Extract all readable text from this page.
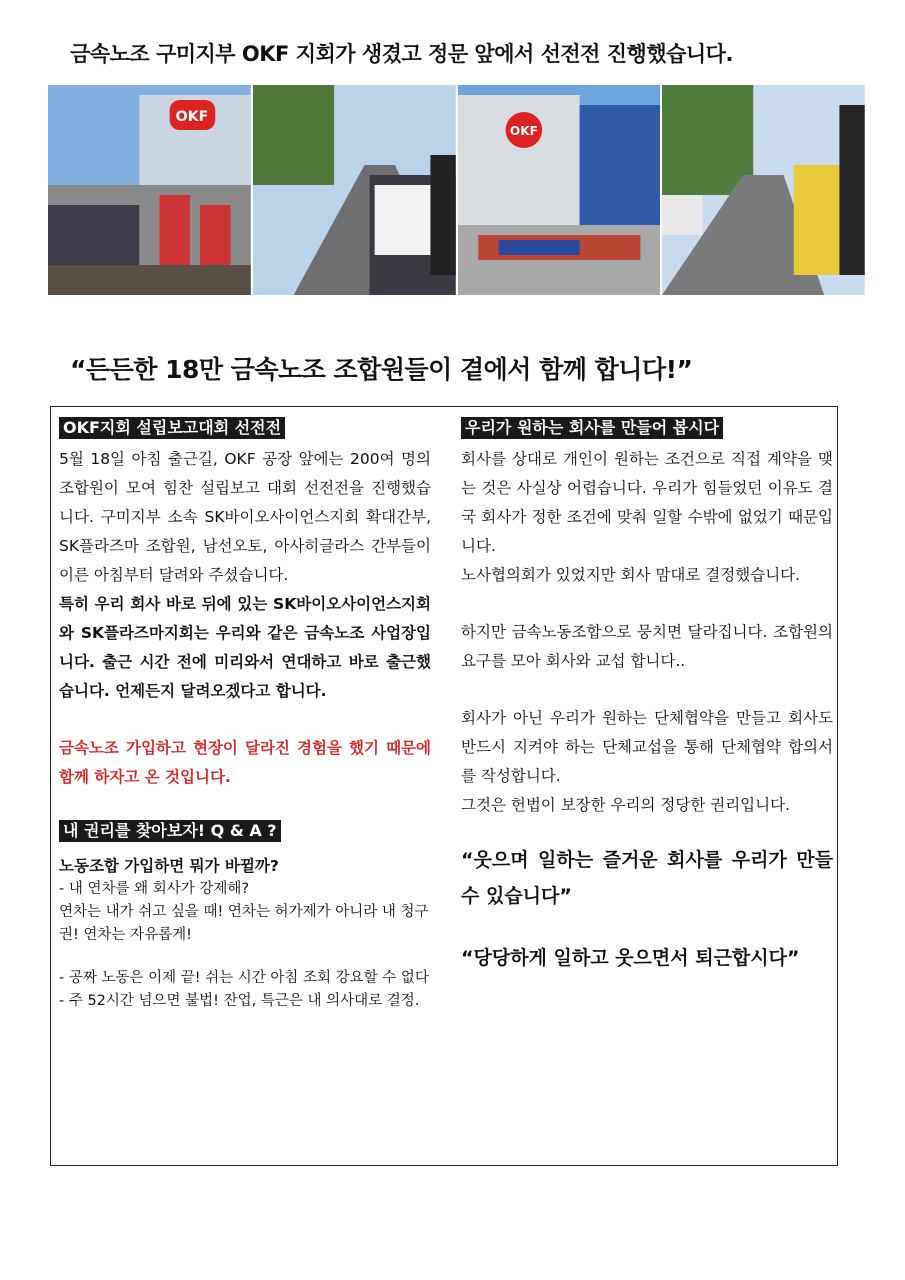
금속노조 구미지부 OKF 지회가 생겼고 정문 앞에서 선전전 진행했습니다.
OKF
OKF
“든든한 18만 금속노조 조합원들이 곁에서 함께 합니다!”
OKF지회 설립보고대회 선전전

5월 18일 아침 출근길, OKF 공장 앞에는 200여 명의 조합원이 모여 힘찬 설립보고 대회 선전전을 진행했습니다. 구미지부 소속 SK바이오사이언스지회 확대간부, SK플라즈마 조합원, 남선오토, 아사히글라스 간부들이 이른 아침부터 달려와 주셨습니다.

특히 우리 회사 바로 뒤에 있는 SK바이오사이언스지회와 SK플라즈마지회는 우리와 같은 금속노조 사업장입니다. 출근 시간 전에 미리와서 연대하고 바로 출근했습니다. 언제든지 달려오겠다고 합니다.

금속노조 가입하고 현장이 달라진 경험을 했기 때문에 함께 하자고 온 것입니다.

내 권리를 찾아보자! Q & A ?
노동조합 가입하면 뭐가 바뀔까?

- 내 연차를 왜 회사가 강제해?

연차는 내가 쉬고 싶을 때! 연차는 허가제가 아니라 내 청구권! 연차는 자유롭게!

- 공짜 노동은 이제 끝! 쉬는 시간 아침 조회 강요할 수 없다

- 주 52시간 넘으면 불법! 잔업, 특근은 내 의사대로 결정.

우리가 원하는 회사를 만들어 봅시다

회사를 상대로 개인이 원하는 조건으로 직접 계약을 맺는 것은 사실상 어렵습니다. 우리가 힘들었던 이유도 결국 회사가 정한 조건에 맞춰 일할 수밖에 없었기 때문입니다.

노사협의회가 있었지만 회사 맘대로 결정했습니다.

하지만 금속노동조합으로 뭉치면 달라집니다. 조합원의 요구를 모아 회사와 교섭 합니다..

회사가 아닌 우리가 원하는 단체협약을 만들고 회사도 반드시 지켜야 하는 단체교섭을 통해 단체협약 합의서를 작성합니다.

그것은 헌법이 보장한 우리의 정당한 권리입니다.

“웃으며 일하는 즐거운 회사를 우리가 만들 수 있습니다”

“당당하게 일하고 웃으면서 퇴근합시다”
